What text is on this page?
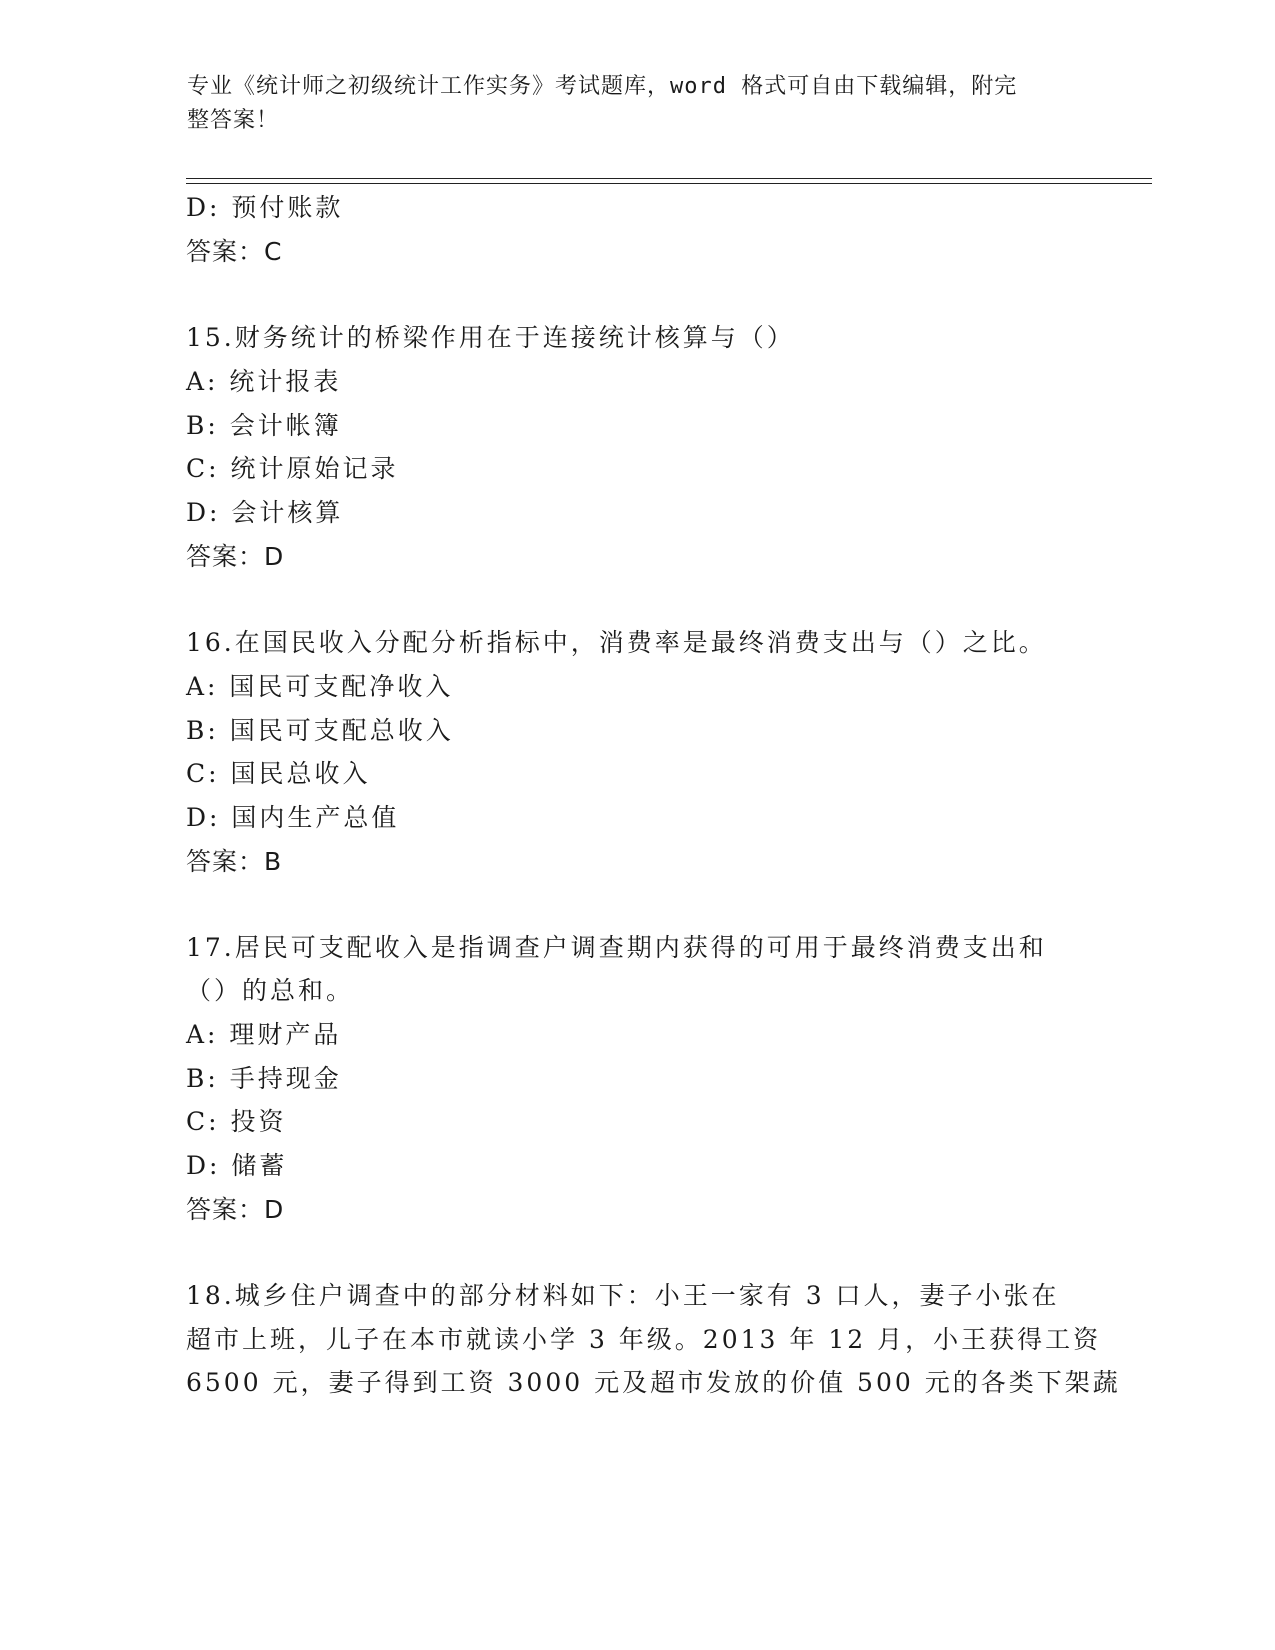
专业《统计师之初级统计工作实务》考试题库，word 格式可自由下载编辑，附完
整答案！
D: 预付账款
答案：C
15.财务统计的桥梁作用在于连接统计核算与（）
A: 统计报表
B: 会计帐簿
C: 统计原始记录
D: 会计核算
答案：D
16.在国民收入分配分析指标中，消费率是最终消费支出与（）之比。
A: 国民可支配净收入
B: 国民可支配总收入
C: 国民总收入
D: 国内生产总值
答案：B
17.居民可支配收入是指调查户调查期内获得的可用于最终消费支出和
（）的总和。
A: 理财产品
B: 手持现金
C: 投资
D: 储蓄
答案：D
18.城乡住户调查中的部分材料如下：小王一家有 3 口人，妻子小张在
超市上班，儿子在本市就读小学 3 年级。2013 年 12 月，小王获得工资
6500 元，妻子得到工资 3000 元及超市发放的价值 500 元的各类下架蔬
